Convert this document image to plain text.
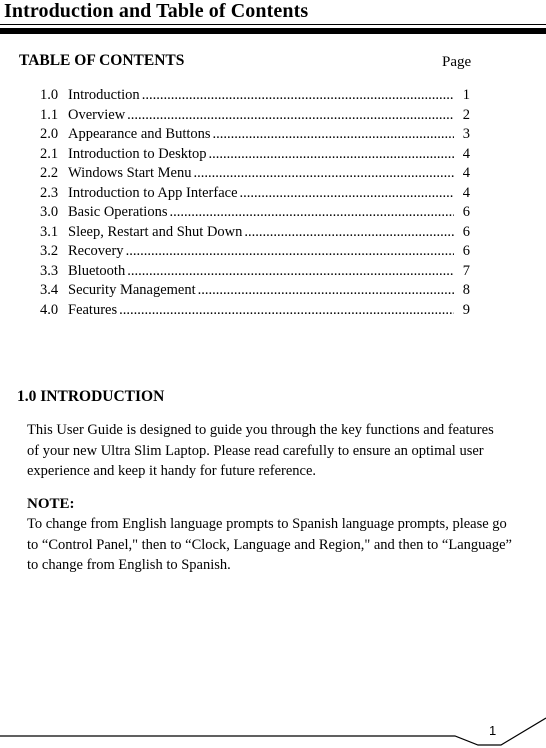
Introduction and Table of Contents
TABLE OF CONTENTS	Page
1.0 Introduction .....	1
1.1 Overview .....	2
2.0 Appearance and Buttons .....	3
2.1 Introduction to Desktop .....	4
2.2 Windows Start Menu .....	4
2.3 Introduction to App Interface .....	4
3.0 Basic Operations .....	6
3.1 Sleep, Restart and Shut Down .....	6
3.2 Recovery .....	6
3.3 Bluetooth .....	7
3.4 Security Management .....	8
4.0 Features .....	9
1.0 INTRODUCTION

This User Guide is designed to guide you through the key functions and features of your new Ultra Slim Laptop. Please read carefully to ensure an optimal user experience and keep it handy for future reference.

NOTE:

To change from English language prompts to Spanish language prompts, please go to “Control Panel," then to “Clock, Language and Region," and then to “Language” to change from English to Spanish.

1
